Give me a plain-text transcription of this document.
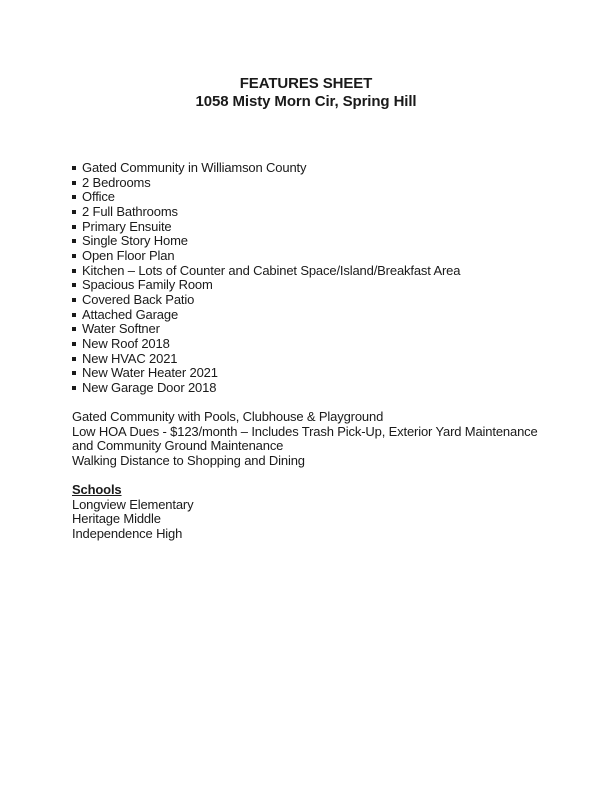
FEATURES SHEET
1058 Misty Morn Cir, Spring Hill
Gated Community in Williamson County
2 Bedrooms
Office
2 Full Bathrooms
Primary Ensuite
Single Story Home
Open Floor Plan
Kitchen – Lots of Counter and Cabinet Space/Island/Breakfast Area
Spacious Family Room
Covered Back Patio
Attached Garage
Water Softner
New Roof 2018
New HVAC 2021
New Water Heater 2021
New Garage Door 2018
Gated Community with Pools, Clubhouse & Playground
Low HOA Dues - $123/month – Includes Trash Pick-Up, Exterior Yard Maintenance and Community Ground Maintenance
Walking Distance to Shopping and Dining
Schools
Longview Elementary
Heritage Middle
Independence High
